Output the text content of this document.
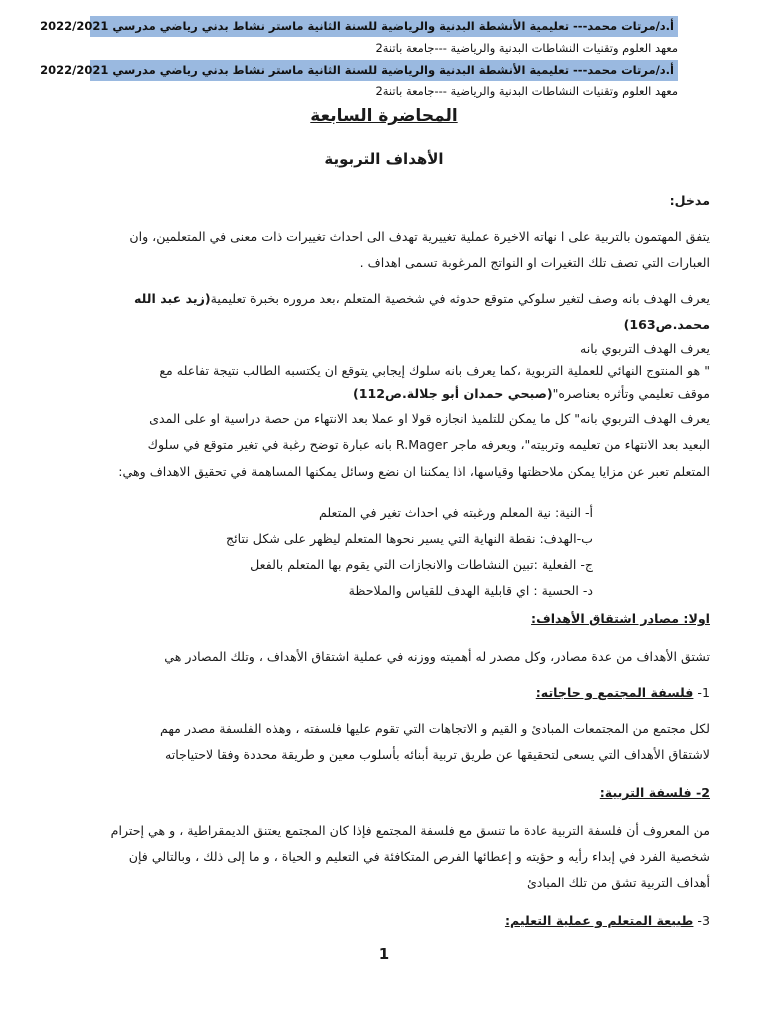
أ.د/مرتات محمد--- تعليمية الأنشطة البدنية والرياضية للسنة الثانية ماستر نشاط بدني رياضي مدرسي 2022/2021
معهد العلوم وتقنيات النشاطات البدنية والرياضية ---جامعة باتنة2
أ.د/مرتات محمد--- تعليمية الأنشطة البدنية والرياضية للسنة الثانية ماستر نشاط بدني رياضي مدرسي 2022/2021
معهد العلوم وتقنيات النشاطات البدنية والرياضية ---جامعة باتنة2
المحاضرة السابعة
الأهداف التربوية
مدخل:
يتفق المهتمون بالتربية على ا نهاته الاخيرة عملية تغييرية تهدف الى احداث تغييرات ذات معنى في المتعلمين، وان
العبارات التي تصف تلك التغيرات او النواتج المرغوبة تسمى اهداف .
يعرف الهدف بانه وصف لتغير سلوكي متوقع حدوثه في شخصية المتعلم ،بعد مروره بخبرة تعليمية(زيد عبد الله
محمد.ص163)
يعرف الهدف التربوي بانه
" هو المنتوج النهائي للعملية التربوية ،كما يعرف بانه سلوك إيجابي يتوقع ان يكتسبه الطالب نتيجة تفاعله مع
موقف تعليمي وتأثره بعناصره"(صبحي حمدان أبو جلالة.ص112)
يعرف الهدف التربوي بانه" كل ما يمكن للتلميذ انجازه قولا او عملا بعد الانتهاء من حصة دراسية او على المدى
البعيد بعد الانتهاء من تعليمه وتربيته"، ويعرفه ماجر R.Mager بانه عبارة توضح رغبة في تغير متوقع في سلوك
المتعلم تعبر عن مزايا يمكن ملاحظتها وقياسها، اذا يمكننا ان نضع وسائل يمكنها المساهمة في تحقيق الاهداف وهي:
أ- النية: نية المعلم ورغبته في احداث تغير في المتعلم
ب-الهدف: نقطة النهاية التي يسير نحوها المتعلم ليظهر على شكل نتائج
ج- الفعلية :تبين النشاطات والانجازات التي يقوم بها المتعلم بالفعل
د- الحسية : اي قابلية الهدف للقياس والملاحظة
اولا: مصادر اشتقاق الأهداف:
تشتق الأهداف من عدة مصادر، وكل مصدر له أهميته ووزنه في عملية اشتقاق الأهداف ، وتلك المصادر هي
1- فلسفة المجتمع و حاجاته:
لكل مجتمع من المجتمعات المبادئ و القيم و الاتجاهات التي تقوم عليها فلسفته ، وهذه الفلسفة مصدر مهم
لاشتقاق الأهداف التي يسعى لتحقيقها عن طريق تربية أبنائه بأسلوب معين و طريقة محددة وفقا لاحتياجاته
2- فلسفة التربية:
من المعروف أن فلسفة التربية عادة ما تنسق مع فلسفة المجتمع فإذا كان المجتمع يعتنق الديمقراطية ، و هي إحترام
شخصية الفرد في إبداء رأيه و حؤيته و إعطائها الفرص المتكافئة في التعليم و الحياة ، و ما إلى ذلك ، وبالتالي فإن
أهداف التربية تشق من تلك المبادئ
3- طبيعة المتعلم و عملية التعليم:
1
